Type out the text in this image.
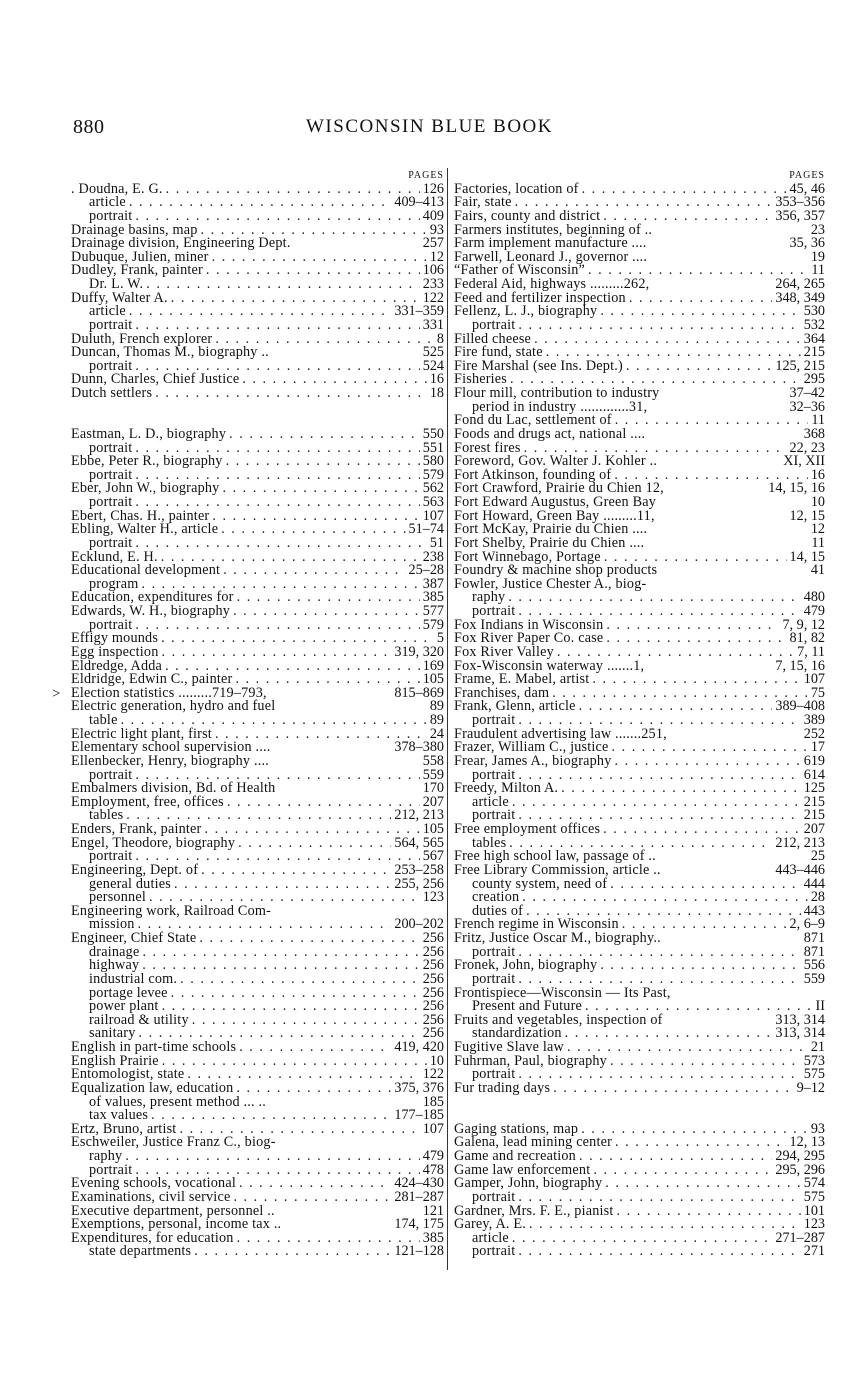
880	WISCONSIN BLUE BOOK
>
PAGES
. Doudna, E. G. . . .	126
article . . .	409–413
portrait . . .	409
Drainage basins, map . . .	93
Drainage division, Engineering Dept.	257
Dubuque, Julien, miner . . .	12
Dudley, Frank, painter . . .	106
Dr. L. W. . . .	233
Duffy, Walter A. . . .	122
article . . .	331–359
portrait . . .	331
Duluth, French explorer . . .	8
Duncan, Thomas M., biography ..	525
portrait . . .	524
Dunn, Charles, Chief Justice . . .	16
Dutch settlers . . .	18
Eastman, L. D., biography . . .	550
portrait . . .	551
Ebbe, Peter R., biography . . .	580
portrait . . .	579
Eber, John W., biography . . .	562
portrait . . .	563
Ebert, Chas. H., painter . . .	107
Ebling, Walter H., article . . .	51–74
portrait . . .	51
Ecklund, E. H. . . .	238
Educational development . . .	25–28
program . . .	387
Education, expenditures for . . .	385
Edwards, W. H., biography . . .	577
portrait . . .	579
Effigy mounds . . .	5
Egg inspection . . .	319, 320
Eldredge, Adda . . .	169
Eldridge, Edwin C., painter . . .	105
Election statistics .........719–793,	815–869
Electric generation, hydro and fuel	89
table . . .	89
Electric light plant, first . . .	24
Elementary school supervision ....	378–380
Ellenbecker, Henry, biography ....	558
portrait . . .	559
Embalmers division, Bd. of Health	170
Employment, free, offices . . .	207
tables . . .	212, 213
Enders, Frank, painter . . .	105
Engel, Theodore, biography . . .	564, 565
portrait . . .	567
Engineering, Dept. of . . .	253–258
general duties . . .	255, 256
personnel . . .	123
Engineering work, Railroad Com-
mission . . .	200–202
Engineer, Chief State . . .	256
drainage . . .	256
highway . . .	256
industrial com. . . .	256
portage levee . . .	256
power plant . . .	256
railroad & utility . . .	256
sanitary . . .	256
English in part-time schools . . .	419, 420
English Prairie . . .	10
Entomologist, state . . .	122
Equalization law, education . . .	375, 376
of values, present method ... ..	185
tax values . . .	177–185
Ertz, Bruno, artist . . .	107
Eschweiler, Justice Franz C., biog-
raphy . . .	479
portrait . . .	478
Evening schools, vocational . . .	424–430
Examinations, civil service . . .	281–287
Executive department, personnel ..	121
Exemptions, personal, income tax ..	174, 175
Expenditures, for education . . .	385
state departments . . .	121–128
PAGES
Factories, location of . . .	45, 46
Fair, state . . .	353–356
Fairs, county and district . . .	356, 357
Farmers institutes, beginning of ..	23
Farm implement manufacture ....	35, 36
Farwell, Leonard J., governor ....	19
“Father of Wisconsin” . . .	11
Federal Aid, highways .........262,	264, 265
Feed and fertilizer inspection . . .	348, 349
Fellenz, L. J., biography . . .	530
portrait . . .	532
Filled cheese . . .	364
Fire fund, state . . .	215
Fire Marshal (see Ins. Dept.) . . .	125, 215
Fisheries . . .	295
Flour mill, contribution to industry	37–42
period in industry .............31,	32–36
Fond du Lac, settlement of . . .	11
Foods and drugs act, national ....	368
Forest fires . . .	22, 23
Foreword, Gov. Walter J. Kohler ..	XI, XII
Fort Atkinson, founding of . . .	16
Fort Crawford, Prairie du Chien 12,	14, 15, 16
Fort Edward Augustus, Green Bay	10
Fort Howard, Green Bay .........11,	12, 15
Fort McKay, Prairie du Chien ....	12
Fort Shelby, Prairie du Chien ....	11
Fort Winnebago, Portage . . .	14, 15
Foundry & machine shop products	41
Fowler, Justice Chester A., biog-
raphy . . .	480
portrait . . .	479
Fox Indians in Wisconsin . . .	7, 9, 12
Fox River Paper Co. case . . .	81, 82
Fox River Valley . . .	7, 11
Fox-Wisconsin waterway .......1,	7, 15, 16
Frame, E. Mabel, artist . . .	107
Franchises, dam . . .	75
Frank, Glenn, article . . .	389–408
portrait . . .	389
Fraudulent advertising law .......251,	252
Frazer, William C., justice . . .	17
Frear, James A., biography . . .	619
portrait . . .	614
Freedy, Milton A. . . .	125
article . . .	215
portrait . . .	215
Free employment offices . . .	207
tables . . .	212, 213
Free high school law, passage of ..	25
Free Library Commission, article ..	443–446
county system, need of . . .	444
creation . . .	28
duties of . . .	443
French regime in Wisconsin . . .	2, 6–9
Fritz, Justice Oscar M., biography..	871
portrait . . .	871
Fronek, John, biography . . .	556
portrait . . .	559
Frontispiece—Wisconsin — Its Past,
Present and Future . . .	II
Fruits and vegetables, inspection of	313, 314
standardization . . .	313, 314
Fugitive Slave law . . .	21
Fuhrman, Paul, biography . . .	573
portrait . . .	575
Fur trading days . . .	9–12
Gaging stations, map . . .	93
Galena, lead mining center . . .	12, 13
Game and recreation . . .	294, 295
Game law enforcement . . .	295, 296
Gamper, John, biography . . .	574
portrait . . .	575
Gardner, Mrs. F. E., pianist . . .	101
Garey, A. E. . . .	123
article . . .	271–287
portrait . . .	271
